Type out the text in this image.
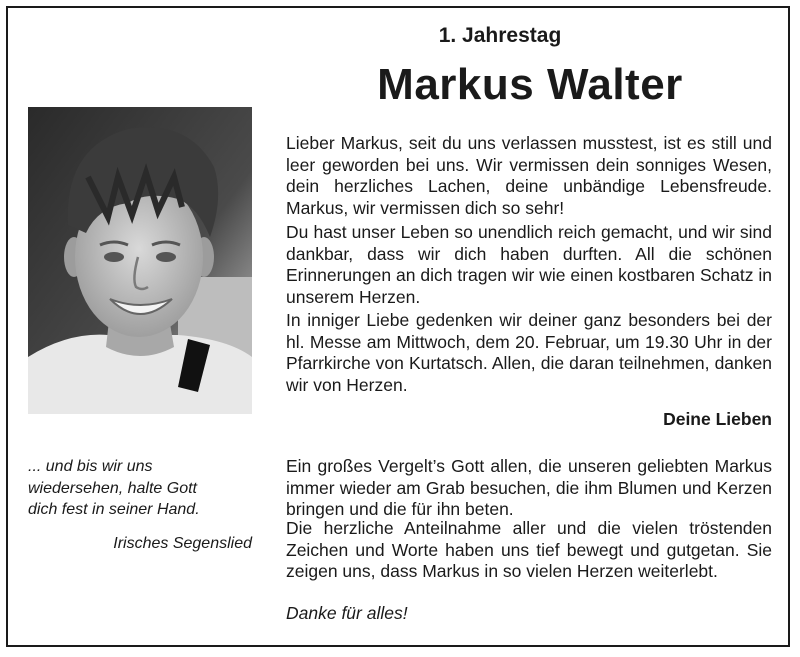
1. Jahrestag
Markus Walter

Lieber Markus, seit du uns verlassen musstest, ist es still und leer geworden bei uns. Wir vermissen dein sonniges Wesen, dein herzliches Lachen, deine unbändige Lebensfreude. Markus, wir vermissen dich so sehr!

Du hast unser Leben so unendlich reich gemacht, und wir sind dankbar, dass wir dich haben durften. All die schönen Erinnerungen an dich tragen wir wie einen kostbaren Schatz in unserem Herzen.

In inniger Liebe gedenken wir deiner ganz besonders bei der hl. Messe am Mittwoch, dem 20. Februar, um 19.30 Uhr in der Pfarrkirche von Kurtatsch. Allen, die daran teilnehmen, danken wir von Herzen.

Deine Lieben
... und bis wir uns
wiedersehen, halte Gott
dich fest in seiner Hand.
Irisches Segenslied

Ein großes Vergelt’s Gott allen, die unseren geliebten Markus immer wieder am Grab besuchen, die ihm Blumen und Kerzen bringen und die für ihn beten.

Die herzliche Anteilnahme aller und die vielen tröstenden Zeichen und Worte haben uns tief bewegt und gutgetan. Sie zeigen uns, dass Markus in so vielen Herzen weiterlebt.

Danke für alles!
